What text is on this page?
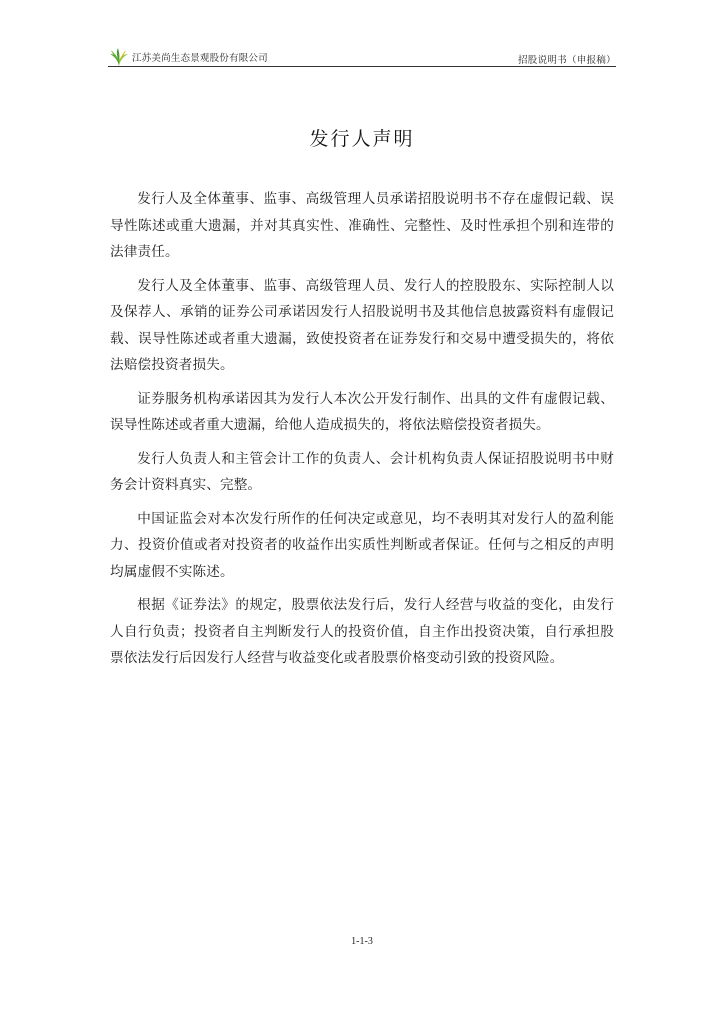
江苏美尚生态景观股份有限公司	招股说明书（申报稿）
发行人声明

发行人及全体董事、监事、高级管理人员承诺招股说明书不存在虚假记载、误导性陈述或重大遗漏，并对其真实性、准确性、完整性、及时性承担个别和连带的法律责任。

发行人及全体董事、监事、高级管理人员、发行人的控股股东、实际控制人以及保荐人、承销的证券公司承诺因发行人招股说明书及其他信息披露资料有虚假记载、误导性陈述或者重大遗漏，致使投资者在证券发行和交易中遭受损失的，将依法赔偿投资者损失。

证券服务机构承诺因其为发行人本次公开发行制作、出具的文件有虚假记载、误导性陈述或者重大遗漏，给他人造成损失的，将依法赔偿投资者损失。

发行人负责人和主管会计工作的负责人、会计机构负责人保证招股说明书中财务会计资料真实、完整。

中国证监会对本次发行所作的任何决定或意见，均不表明其对发行人的盈利能力、投资价值或者对投资者的收益作出实质性判断或者保证。任何与之相反的声明均属虚假不实陈述。

根据《证券法》的规定，股票依法发行后，发行人经营与收益的变化，由发行人自行负责；投资者自主判断发行人的投资价值，自主作出投资决策，自行承担股票依法发行后因发行人经营与收益变化或者股票价格变动引致的投资风险。

1-1-3
